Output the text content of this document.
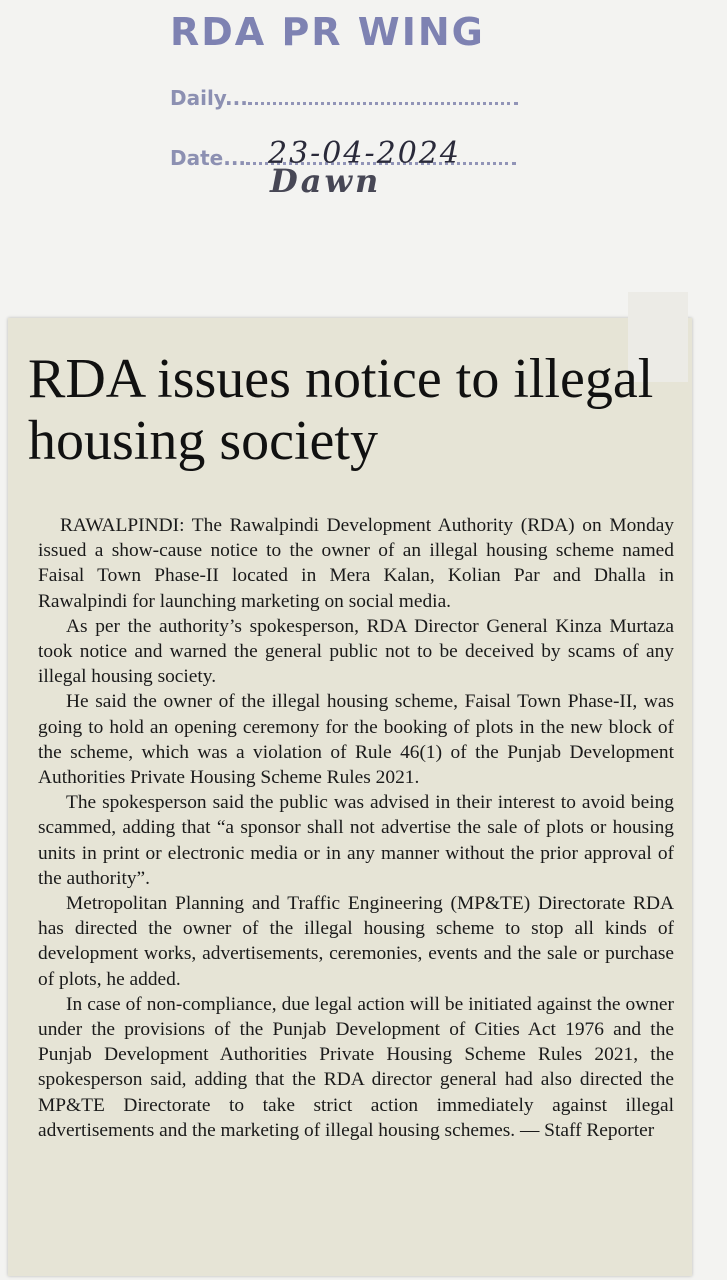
RDA PR WING
Daily...
Dawn
Date... 23-04-2024
RDA issues notice to illegal housing society

RAWALPINDI: The Rawalpindi Development Authority (RDA) on Monday issued a show-cause notice to the owner of an illegal housing scheme named Faisal Town Phase-II located in Mera Kalan, Kolian Par and Dhalla in Rawalpindi for launching marketing on social media.

As per the authority’s spokesperson, RDA Director General Kinza Murtaza took notice and warned the general public not to be deceived by scams of any illegal housing society.

He said the owner of the illegal housing scheme, Faisal Town Phase-II, was going to hold an opening ceremony for the booking of plots in the new block of the scheme, which was a violation of Rule 46(1) of the Punjab Development Authorities Private Housing Scheme Rules 2021.

The spokesperson said the public was advised in their interest to avoid being scammed, adding that “a sponsor shall not advertise the sale of plots or housing units in print or electronic media or in any manner without the prior approval of the authority”.

Metropolitan Planning and Traffic Engineering (MP&TE) Directorate RDA has directed the owner of the illegal housing scheme to stop all kinds of development works, advertisements, ceremonies, events and the sale or purchase of plots, he added.

In case of non-compliance, due legal action will be initiated against the owner under the provisions of the Punjab Development of Cities Act 1976 and the Punjab Development Authorities Private Housing Scheme Rules 2021, the spokesperson said, adding that the RDA director general had also directed the MP&TE Directorate to take strict action immediately against illegal advertisements and the marketing of illegal housing schemes. — Staff Reporter
